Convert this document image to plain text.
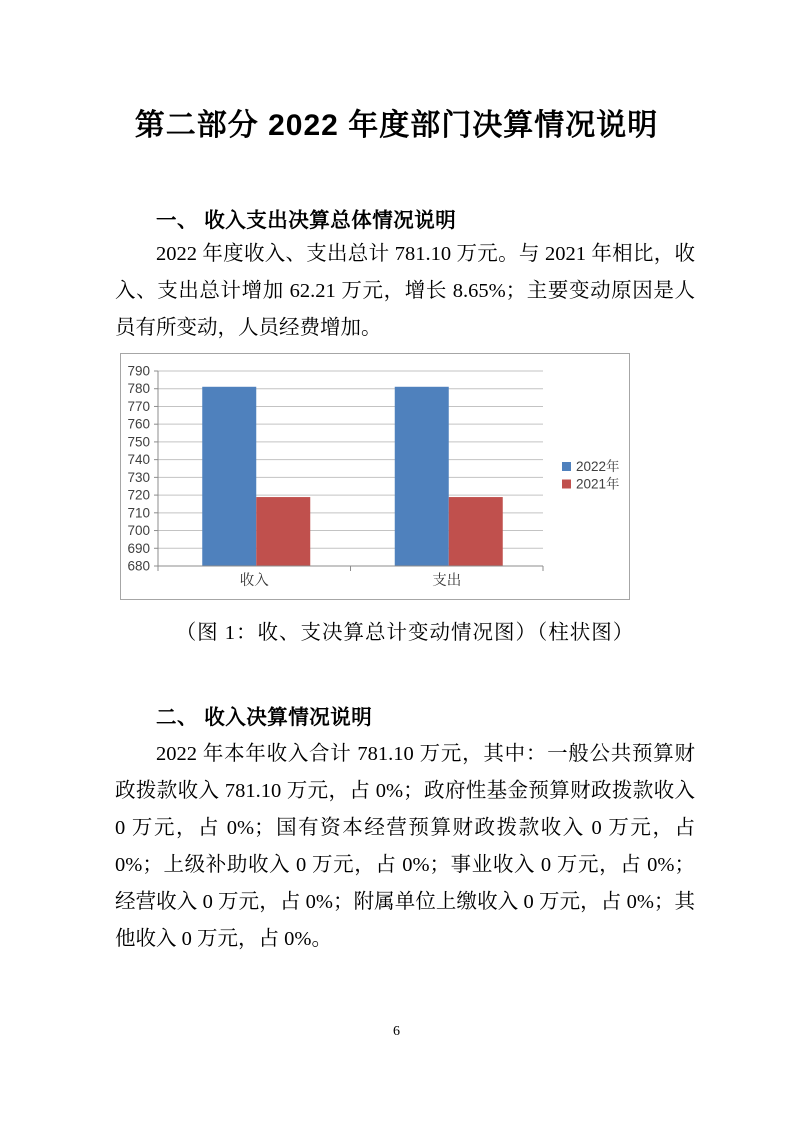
第二部分 2022 年度部门决算情况说明
一、 收入支出决算总体情况说明

2022 年度收入、支出总计 781.10 万元。与 2021 年相比，收入、支出总计增加 62.21 万元，增长 8.65%；主要变动原因是人员有所变动，人员经费增加。

680
690
700
710
720
730
740
750
760
770
780
790
收入	支出
2022年
2021年
（图 1：收、支决算总计变动情况图）（柱状图）
二、 收入决算情况说明

2022 年本年收入合计 781.10 万元，其中：一般公共预算财政拨款收入 781.10 万元，占 0%；政府性基金预算财政拨款收入 0 万元，占 0%；国有资本经营预算财政拨款收入 0 万元，占 0%；上级补助收入 0 万元，占 0%；事业收入 0 万元，占 0%；经营收入 0 万元，占 0%；附属单位上缴收入 0 万元，占 0%；其他收入 0 万元，占 0%。

6
